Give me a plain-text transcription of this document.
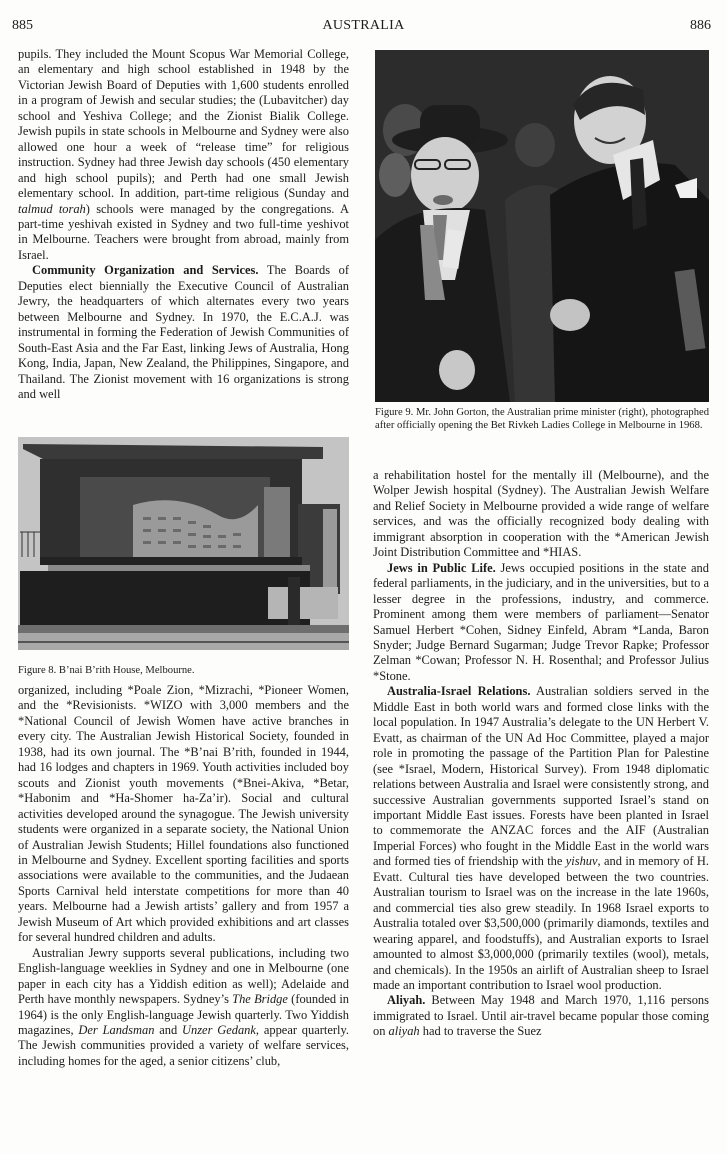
AUSTRALIA
885	886

pupils. They included the Mount Scopus War Memorial College, an elementary and high school established in 1948 by the Victorian Jewish Board of Deputies with 1,600 students enrolled in a program of Jewish and secular studies; the (Lubavitcher) day school and Yeshiva College; and the Zionist Bialik College. Jewish pupils in state schools in Melbourne and Sydney were also allowed one hour a week of “release time” for religious instruction. Sydney had three Jewish day schools (450 elementary and high school pupils); and Perth had one small Jewish elementary school. In addition, part-time religious (Sunday and talmud torah) schools were managed by the congregations. A part-time yeshivah existed in Sydney and two full-time yeshivot in Melbourne. Teachers were brought from abroad, mainly from Israel.

Community Organization and Services. The Boards of Deputies elect biennially the Executive Council of Australian Jewry, the headquarters of which alternates every two years between Melbourne and Sydney. In 1970, the E.C.A.J. was instrumental in forming the Federation of Jewish Communities of South-East Asia and the Far East, linking Jews of Australia, Hong Kong, India, Japan, New Zealand, the Philippines, Singapore, and Thailand. The Zionist movement with 16 organizations is strong and well

Figure 8. B’nai B’rith House, Melbourne.

organized, including *Poale Zion, *Mizrachi, *Pioneer Women, and the *Revisionists. *WIZO with 3,000 members and the *National Council of Jewish Women have active branches in every city. The Australian Jewish Historical Society, founded in 1938, had its own journal. The *B’nai B’rith, founded in 1944, had 16 lodges and chapters in 1969. Youth activities included boy scouts and Zionist youth movements (*Bnei-Akiva, *Betar, *Habonim and *Ha-Shomer ha-Za’ir). Social and cultural activities developed around the synagogue. The Jewish university students were organized in a separate society, the National Union of Australian Jewish Students; Hillel foundations also functioned in Melbourne and Sydney. Excellent sporting facilities and sports associations were available to the communities, and the Judaean Sports Carnival held interstate competitions for more than 40 years. Melbourne had a Jewish artists’ gallery and from 1957 a Jewish Museum of Art which provided exhibitions and art classes for several hundred children and adults.

Australian Jewry supports several publications, including two English-language weeklies in Sydney and one in Melbourne (one paper in each city has a Yiddish edition as well); Adelaide and Perth have monthly newspapers. Sydney’s The Bridge (founded in 1964) is the only English-language Jewish quarterly. Two Yiddish magazines, Der Landsman and Unzer Gedank, appear quarterly. The Jewish communities provided a variety of welfare services, including homes for the aged, a senior citizens’ club,

Figure 9. Mr. John Gorton, the Australian prime minister (right), photographed after officially opening the Bet Rivkeh Ladies College in Melbourne in 1968.

a rehabilitation hostel for the mentally ill (Melbourne), and the Wolper Jewish hospital (Sydney). The Australian Jewish Welfare and Relief Society in Melbourne provided a wide range of welfare services, and was the officially recognized body dealing with immigrant absorption in cooperation with the *American Jewish Joint Distribution Committee and *HIAS.

Jews in Public Life. Jews occupied positions in the state and federal parliaments, in the judiciary, and in the universities, but to a lesser degree in the professions, industry, and commerce. Prominent among them were members of parliament—Senator Samuel Herbert *Cohen, Sidney Einfeld, Abram *Landa, Baron Snyder; Judge Bernard Sugarman; Judge Trevor Rapke; Professor Zelman *Cowan; Professor N. H. Rosenthal; and Professor Julius *Stone.

Australia-Israel Relations. Australian soldiers served in the Middle East in both world wars and formed close links with the local population. In 1947 Australia’s delegate to the UN Herbert V. Evatt, as chairman of the UN Ad Hoc Committee, played a major role in promoting the passage of the Partition Plan for Palestine (see *Israel, Modern, Historical Survey). From 1948 diplomatic relations between Australia and Israel were consistently strong, and successive Australian governments supported Israel’s stand on important Middle East issues. Forests have been planted in Israel to commemorate the ANZAC forces and the AIF (Australian Imperial Forces) who fought in the Middle East in the world wars and formed ties of friendship with the yishuv, and in memory of H. Evatt. Cultural ties have developed between the two countries. Australian tourism to Israel was on the increase in the late 1960s, and commercial ties also grew steadily. In 1968 Israel exports to Australia totaled over $3,500,000 (primarily diamonds, textiles and wearing apparel, and foodstuffs), and Australian exports to Israel amounted to almost $3,000,000 (primarily textiles (wool), metals, and chemicals). In the 1950s an airlift of Australian sheep to Israel made an important contribution to Israel wool production.

Aliyah. Between May 1948 and March 1970, 1,116 persons immigrated to Israel. Until air-travel became popular those coming on aliyah had to traverse the Suez
